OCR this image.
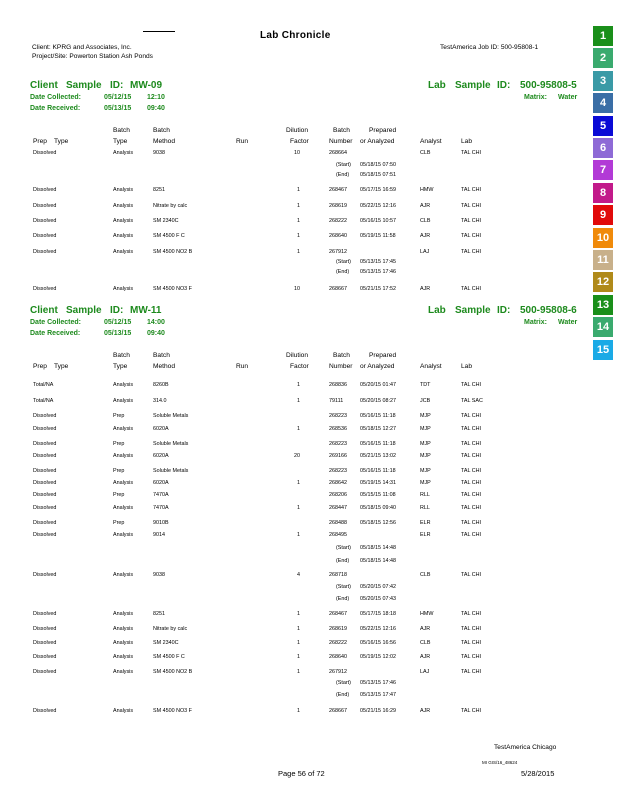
Lab Chronicle
Client: KPRG and Associates, Inc.
Project/Site: Powerton Station Ash Ponds
TestAmerica Job ID: 500-95808-1
1
2
3
4
5
6
7
8
9
10
11
12
13
14
15
Client Sample ID: MW-09	Lab Sample ID: 500-95808-5
Date Collected:	05/12/15 12:10
Date Received:	05/13/15 09:40
Matrix: Water
Batch	Batch	Dilution	Batch	Prepared
Prep Type	Type	Method	Run	Factor	Number or Analyzed	Analyst	Lab
Dissolved	Analysis	9038	10	268664	CLB	TAL CHI
(Start) 05/18/15 07:50
(End) 05/18/15 07:51
Dissolved	Analysis	8251	1	268467 05/17/15 16:59	HMW	TAL CHI
Dissolved	Analysis	Nitrate by calc	1	268619 05/22/15 12:16	AJR	TAL CHI
Dissolved	Analysis	SM 2340C	1	268222 05/16/15 10:57	CLB	TAL CHI
Dissolved	Analysis	SM 4500 F C	1	268640 05/19/15 11:58	AJR	TAL CHI
Dissolved	Analysis	SM 4500 NO2 B	1	267912	LAJ	TAL CHI
(Start) 05/13/15 17:45
(End) 05/13/15 17:46
Dissolved	Analysis	SM 4500 NO3 F	10	268667 05/21/15 17:52	AJR	TAL CHI
Client Sample ID: MW-11	Lab Sample ID: 500-95808-6
Date Collected:	05/12/15 14:00
Date Received:	05/13/15 09:40
Matrix: Water
Batch	Batch	Dilution	Batch	Prepared
Prep Type	Type	Method	Run	Factor	Number or Analyzed	Analyst	Lab
Total/NA	Analysis	8260B	1	268836 05/20/15 01:47	TDT	TAL CHI
Total/NA	Analysis	314.0	1	79111	05/20/15 08:27	JCB	TAL SAC
Dissolved	Prep	Soluble Metals	268223 05/16/15 11:18	MJP	TAL CHI
Dissolved	Analysis	6020A	1	268536 05/18/15 12:27	MJP	TAL CHI
Dissolved	Prep	Soluble Metals	268223 05/16/15 11:18	MJP	TAL CHI
Dissolved	Analysis	6020A	20	269166 05/21/15 13:02	MJP	TAL CHI
Dissolved	Prep	Soluble Metals	268223 05/16/15 11:18	MJP	TAL CHI
Dissolved	Analysis	6020A	1	268642 05/19/15 14:31	MJP	TAL CHI
Dissolved	Prep	7470A	268206 05/15/15 11:08	RLL	TAL CHI
Dissolved	Analysis	7470A	1	268447 05/18/15 09:40	RLL	TAL CHI
Dissolved	Prep	9010B	268488 05/18/15 12:56	ELR	TAL CHI
Dissolved	Analysis	9014	1	268495	ELR	TAL CHI
(Start) 05/18/15 14:48
(End) 05/18/15 14:48
Dissolved	Analysis	9038	4	268718	CLB	TAL CHI
(Start) 05/20/15 07:42
(End) 05/20/15 07:43
Dissolved	Analysis	8251	1	268467 05/17/15 18:18	HMW	TAL CHI
Dissolved	Analysis	Nitrate by calc	1	268619 05/22/15 12:16	AJR	TAL CHI
Dissolved	Analysis	SM 2340C	1	268222 05/16/15 16:56	CLB	TAL CHI
Dissolved	Analysis	SM 4500 F C	1	268640 05/19/15 12:02	AJR	TAL CHI
Dissolved	Analysis	SM 4500 NO2 B	1	267912	LAJ	TAL CHI
(Start) 05/13/15 17:46
(End) 05/13/15 17:47
Dissolved	Analysis	SM 4500 NO3 F	1	268667 05/21/15 16:29	AJR	TAL CHI
TestAmerica Chicago
MI GIS/16_48624
Page 56 of 72	5/28/2015
